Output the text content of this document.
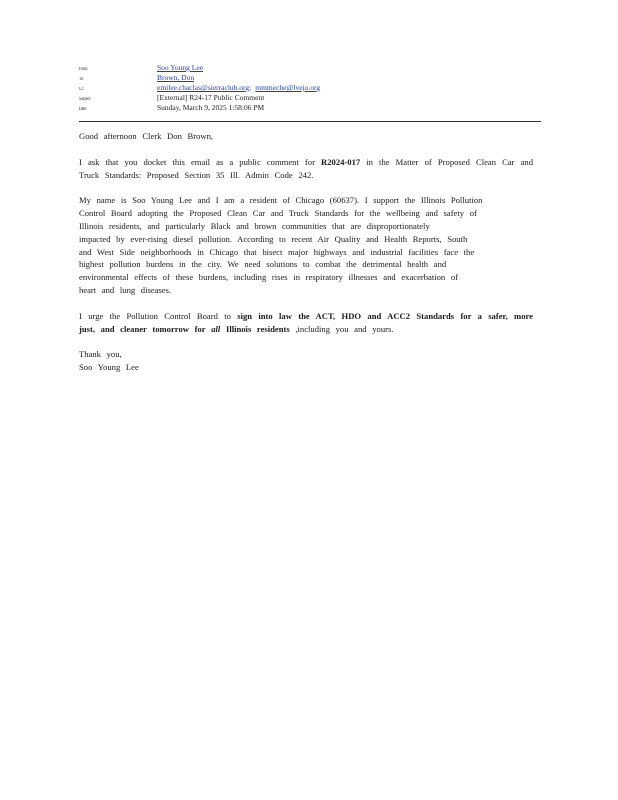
From:	Soo Young Lee
To:	Brown, Don
Cc:	emilee.chaclas@sierraclub.org ; mmmeche@lvejo.org
Subject:	[External] R24-17 Public Comment
Date:	Sunday, March 9, 2025 1:58:06 PM

Good afternoon Clerk Don Brown,

I ask that you docket this email as a public comment for R2024-017 in the Matter of Proposed Clean Car and Truck Standards: Proposed Section 35 Ill. Admin Code 242.

My name is Soo Young Lee and I am a resident of Chicago (60637). I support the Illinois Pollution
Control Board adopting the Proposed Clean Car and Truck Standards for the wellbeing and safety of
Illinois residents, and particularly Black and brown communities that are disproportionately
impacted by ever-rising diesel pollution. According to recent Air Quality and Health Reports, South
and West Side neighborhoods in Chicago that bisect major highways and industrial facilities face the
highest pollution burdens in the city. We need solutions to combat the detrimental health and
environmental effects of these burdens, including rises in respiratory illnesses and exacerbation of
heart and lung diseases.

I urge the Pollution Control Board to sign into law the ACT, HDO and ACC2 Standards for a safer, more just, and cleaner tomorrow for all Illinois residents ,including you and yours.

Thank you,
Soo Young Lee
